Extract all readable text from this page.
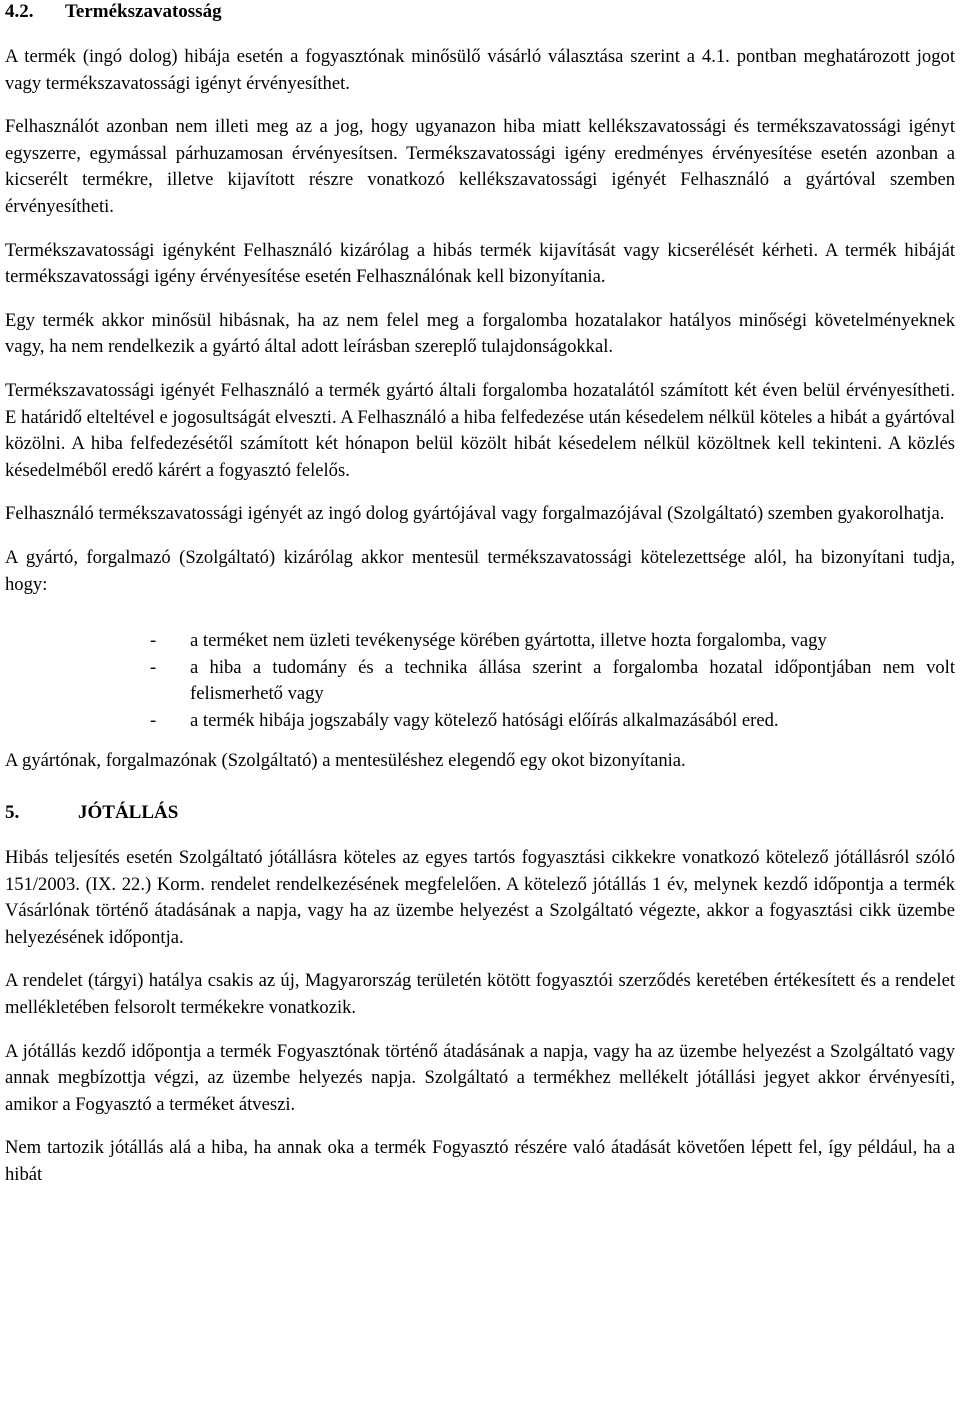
4.2. Termékszavatosság

A termék (ingó dolog) hibája esetén a fogyasztónak minősülő vásárló választása szerint a 4.1. pontban meghatározott jogot vagy termékszavatossági igényt érvényesíthet.

Felhasználót azonban nem illeti meg az a jog, hogy ugyanazon hiba miatt kellékszavatossági és termékszavatossági igényt egyszerre, egymással párhuzamosan érvényesítsen. Termékszavatossági igény eredményes érvényesítése esetén azonban a kicserélt termékre, illetve kijavított részre vonatkozó kellékszavatossági igényét Felhasználó a gyártóval szemben érvényesítheti.

Termékszavatossági igényként Felhasználó kizárólag a hibás termék kijavítását vagy kicserélését kérheti. A termék hibáját termékszavatossági igény érvényesítése esetén Felhasználónak kell bizonyítania.

Egy termék akkor minősül hibásnak, ha az nem felel meg a forgalomba hozatalakor hatályos minőségi követelményeknek vagy, ha nem rendelkezik a gyártó által adott leírásban szereplő tulajdonságokkal.

Termékszavatossági igényét Felhasználó a termék gyártó általi forgalomba hozatalától számított két éven belül érvényesítheti. E határidő elteltével e jogosultságát elveszti. A Felhasználó a hiba felfedezése után késedelem nélkül köteles a hibát a gyártóval közölni. A hiba felfedezésétől számított két hónapon belül közölt hibát késedelem nélkül közöltnek kell tekinteni. A közlés késedelméből eredő kárért a fogyasztó felelős.

Felhasználó termékszavatossági igényét az ingó dolog gyártójával vagy forgalmazójával (Szolgáltató) szemben gyakorolhatja.

A gyártó, forgalmazó (Szolgáltató) kizárólag akkor mentesül termékszavatossági kötelezettsége alól, ha bizonyítani tudja, hogy:

- a terméket nem üzleti tevékenysége körében gyártotta, illetve hozta forgalomba, vagy
- a hiba a tudomány és a technika állása szerint a forgalomba hozatal időpontjában nem volt felismerhető vagy
- a termék hibája jogszabály vagy kötelező hatósági előírás alkalmazásából ered.

A gyártónak, forgalmazónak (Szolgáltató) a mentesüléshez elegendő egy okot bizonyítania.

5.	JÓTÁLLÁS

Hibás teljesítés esetén Szolgáltató jótállásra köteles az egyes tartós fogyasztási cikkekre vonatkozó kötelező jótállásról szóló 151/2003. (IX. 22.) Korm. rendelet rendelkezésének megfelelően. A kötelező jótállás 1 év, melynek kezdő időpontja a termék Vásárlónak történő átadásának a napja, vagy ha az üzembe helyezést a Szolgáltató végezte, akkor a fogyasztási cikk üzembe helyezésének időpontja.

A rendelet (tárgyi) hatálya csakis az új, Magyarország területén kötött fogyasztói szerződés keretében értékesített és a rendelet mellékletében felsorolt termékekre vonatkozik.

A jótállás kezdő időpontja a termék Fogyasztónak történő átadásának a napja, vagy ha az üzembe helyezést a Szolgáltató vagy annak megbízottja végzi, az üzembe helyezés napja. Szolgáltató a termékhez mellékelt jótállási jegyet akkor érvényesíti, amikor a Fogyasztó a terméket átveszi.

Nem tartozik jótállás alá a hiba, ha annak oka a termék Fogyasztó részére való átadását követően lépett fel, így például, ha a hibát
